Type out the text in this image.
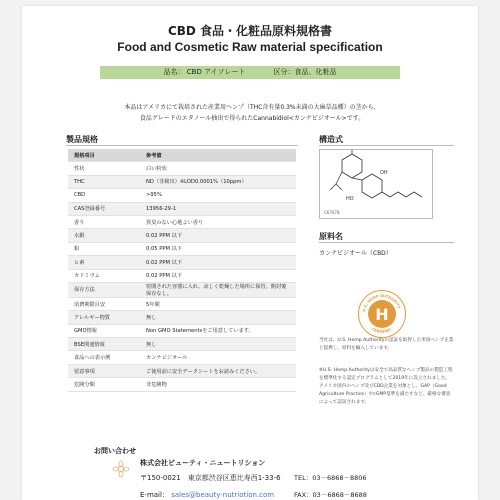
CBD 食品・化粧品原料規格書
Food and Cosmetic Raw material specification
品名： CBD アイソレート	区分：食品、化粧品
本品はアメリカにて栽培された産業用ヘンプ（THC含有量0.3%未満の大麻草品種）の茎から、
食品グレードのエタノール抽出で得られたCannabidiol<カンナビジオール>です。
製品規格
規格項目	参考値
性状	白い粉状
THC	ND（非検出）※LOD0.0001%（10ppm）
CBD	>95%
CAS登録番号	13956-29-1
香り	異臭のない心地よい香り
水銀	0.02 PPM 以下
鉛	0.05 PPM 以下
ヒ素	0.02 PPM 以下
カドミウム	0.02 PPM 以下
保存方法	密閉された容器に入れ、涼しく乾燥した場所に保管。開封後保存なし。
消費期限目安	5年間
アレルギー物質	無し
GMO情報	Non GMO Statementsをご用意しています。
BSE関連情報	無し
食品への表示例	カンナビジオール
留意事項	ご使用前に安全データシートをお読みください。
危険分類	非危険物
構造式
OH
HO
C67678
原料名
カンナビジオール（CBD）
U.S. HEMP AUTHORITY
CERTIFIED
H
当社は、U.S. Hemp Authorityの認証を取得した米国ヘンプ企業と提携し、原料を輸入しています。
※U.S. Hemp Authorityは安全で高品質なヘンプ製品の製造工程を標準化する認定プログラムとして2019年に設立されました。アメリカ国内のヘンプ及びCBD企業を対象とし、GAP（Good Agriculture Practice）やcGMP基準を満たすなど、厳格な審査によって認証されます。
お問い合わせ
株式会社ビューティ・ニュートリション
〒150-0021　東京都渋谷区恵比寿西1-33-6 TEL：03－6868－8806
E-mail： sales@beauty-nutriotion.com	FAX：03－6868－8688
